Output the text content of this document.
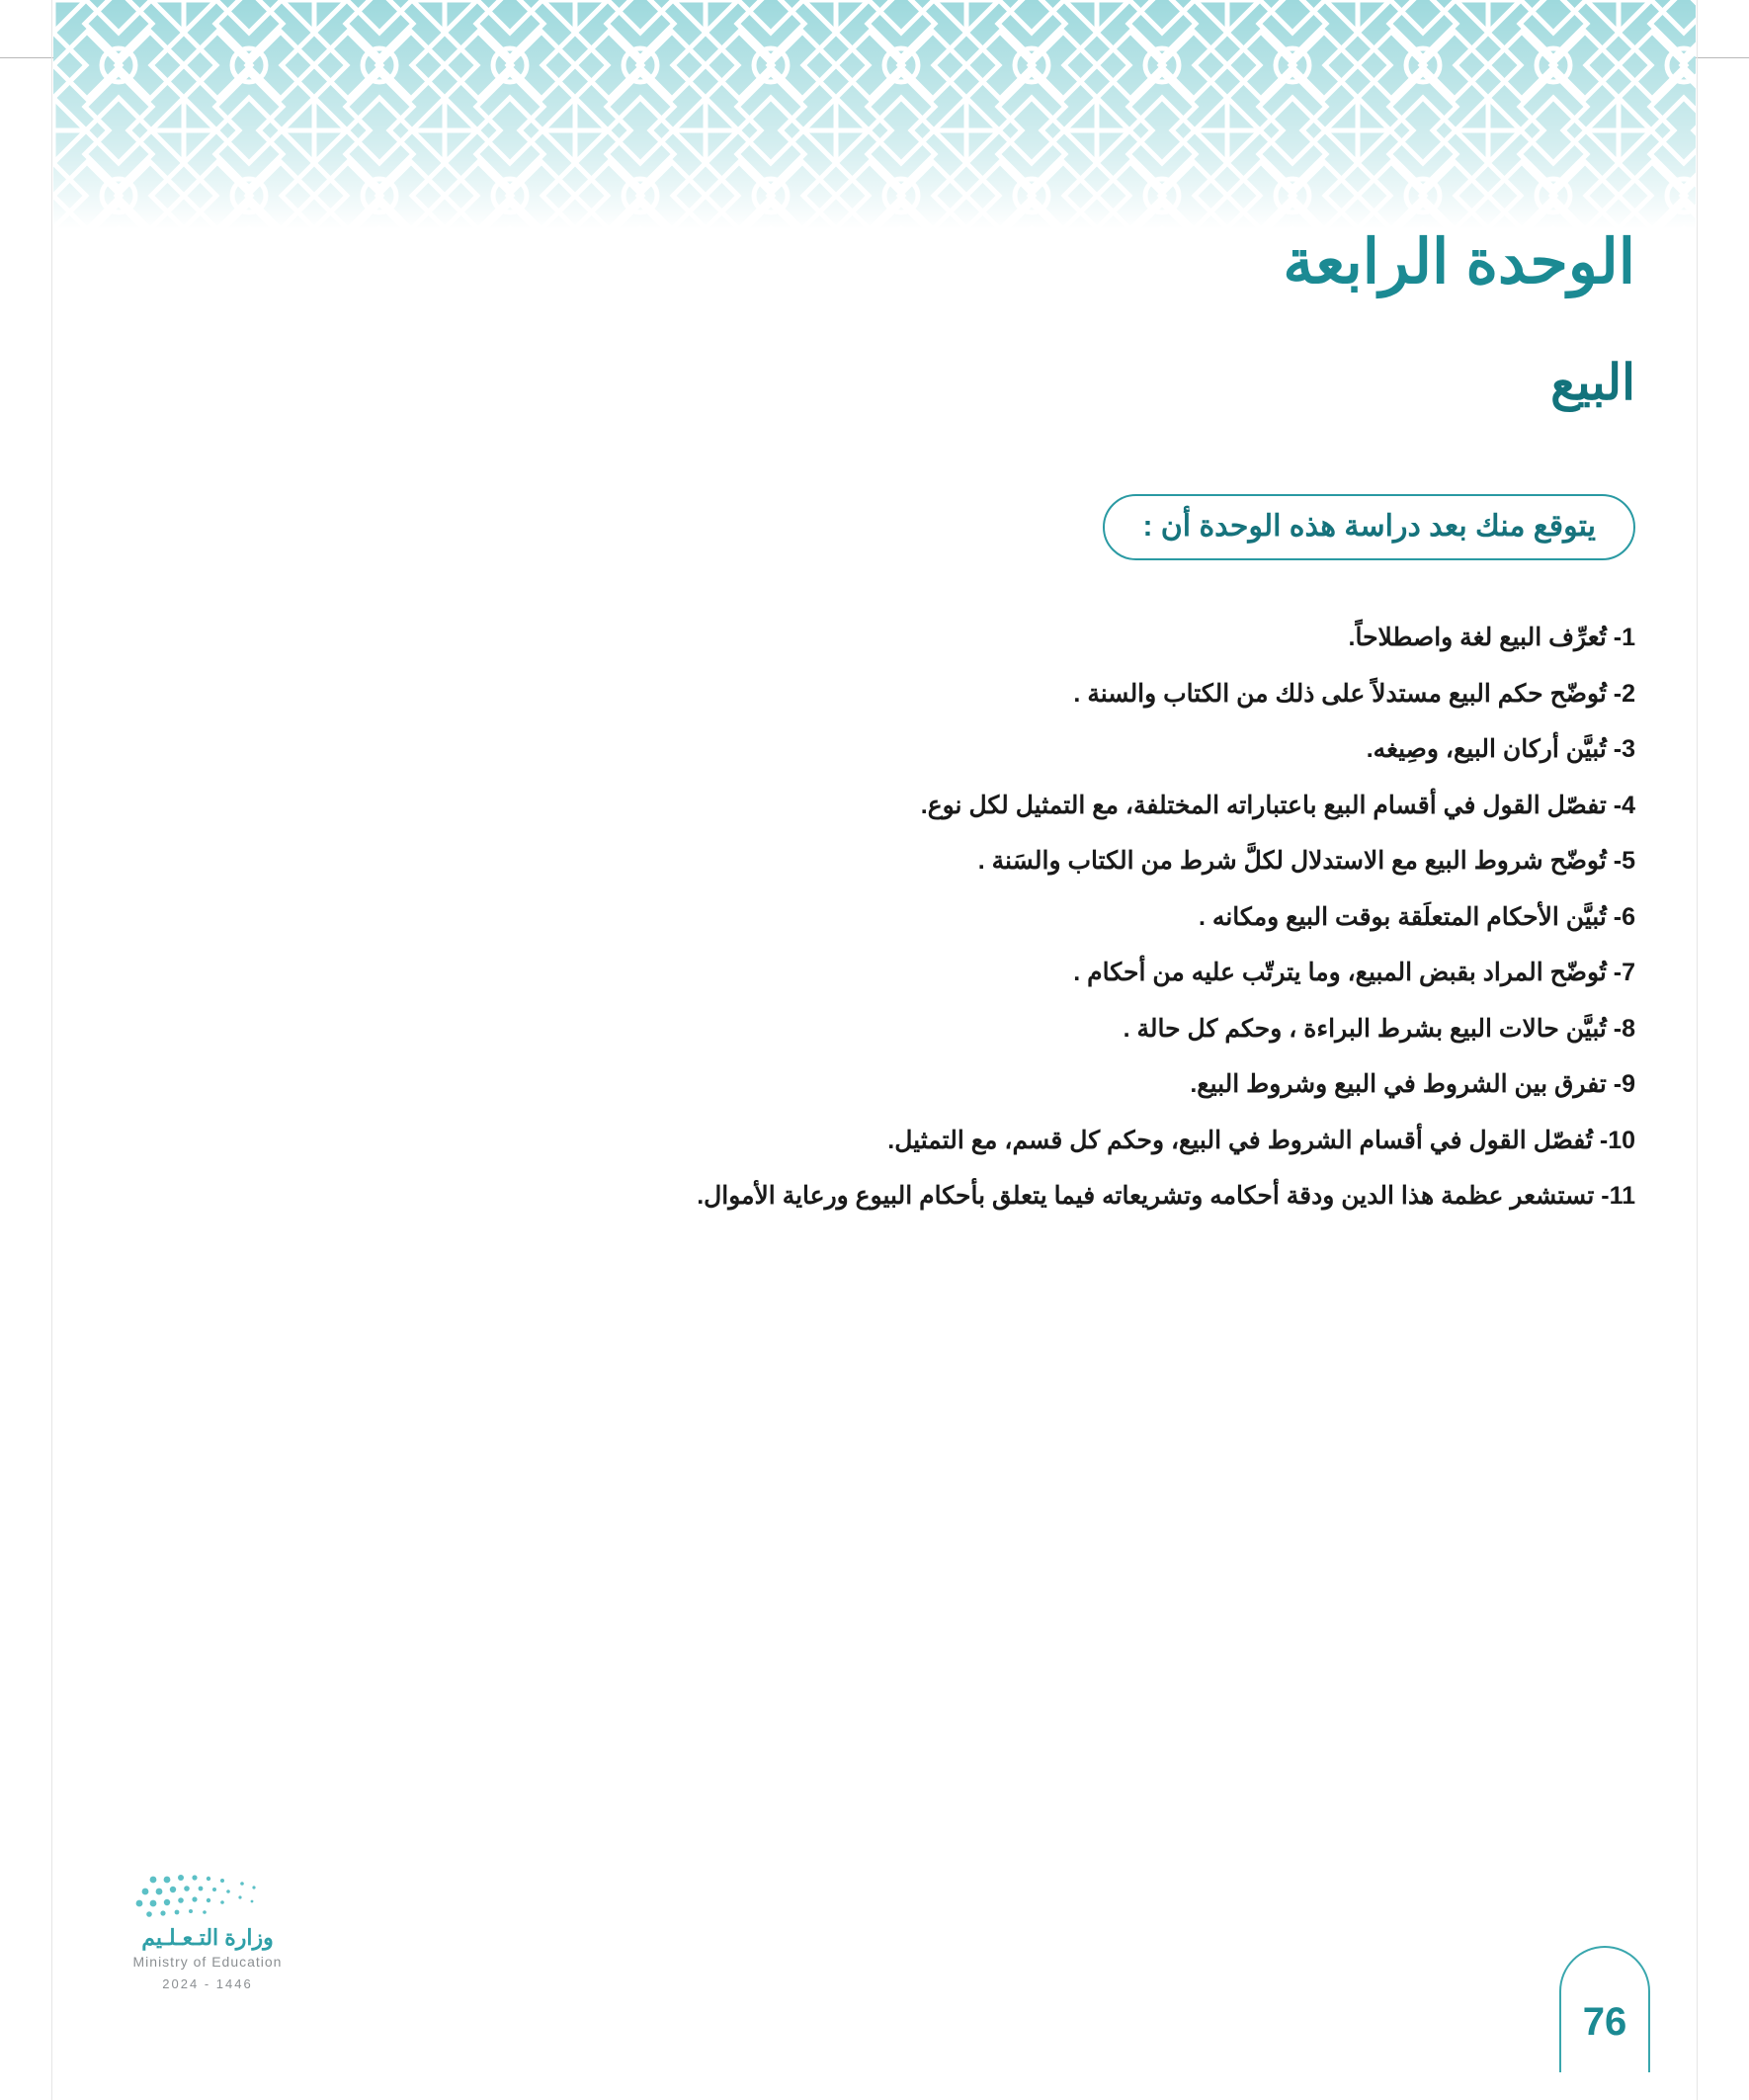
الوحدة الرابعة
البيع
يتوقع منك بعد دراسة هذه الوحدة أن :
1- تُعرِّف البيع لغة واصطلاحاً.
2- تُوضّح حكم البيع مستدلاً على ذلك من الكتاب والسنة .
3- تُبيَّن أركان البيع، وصِيغه.
4- تفصّل القول في أقسام البيع باعتباراته المختلفة، مع التمثيل لكل نوع.
5- تُوضّح شروط البيع مع الاستدلال لكلَّ شرط من الكتاب والسَنة .
6- تُبيَّن الأحكام المتعلَقة بوقت البيع ومكانه .
7- تُوضّح المراد بقبض المبيع، وما يترتّب عليه من أحكام .
8- تُبيَّن حالات البيع بشرط البراءة ، وحكم كل حالة .
9- تفرق بين الشروط في البيع وشروط البيع.
10- تُفصّل القول في أقسام الشروط في البيع، وحكم كل قسم، مع التمثيل.
11- تستشعر عظمة هذا الدين ودقة أحكامه وتشريعاته فيما يتعلق بأحكام البيوع ورعاية الأموال.
وزارة التـعـلـيم
Ministry of Education
2024 - 1446
76
